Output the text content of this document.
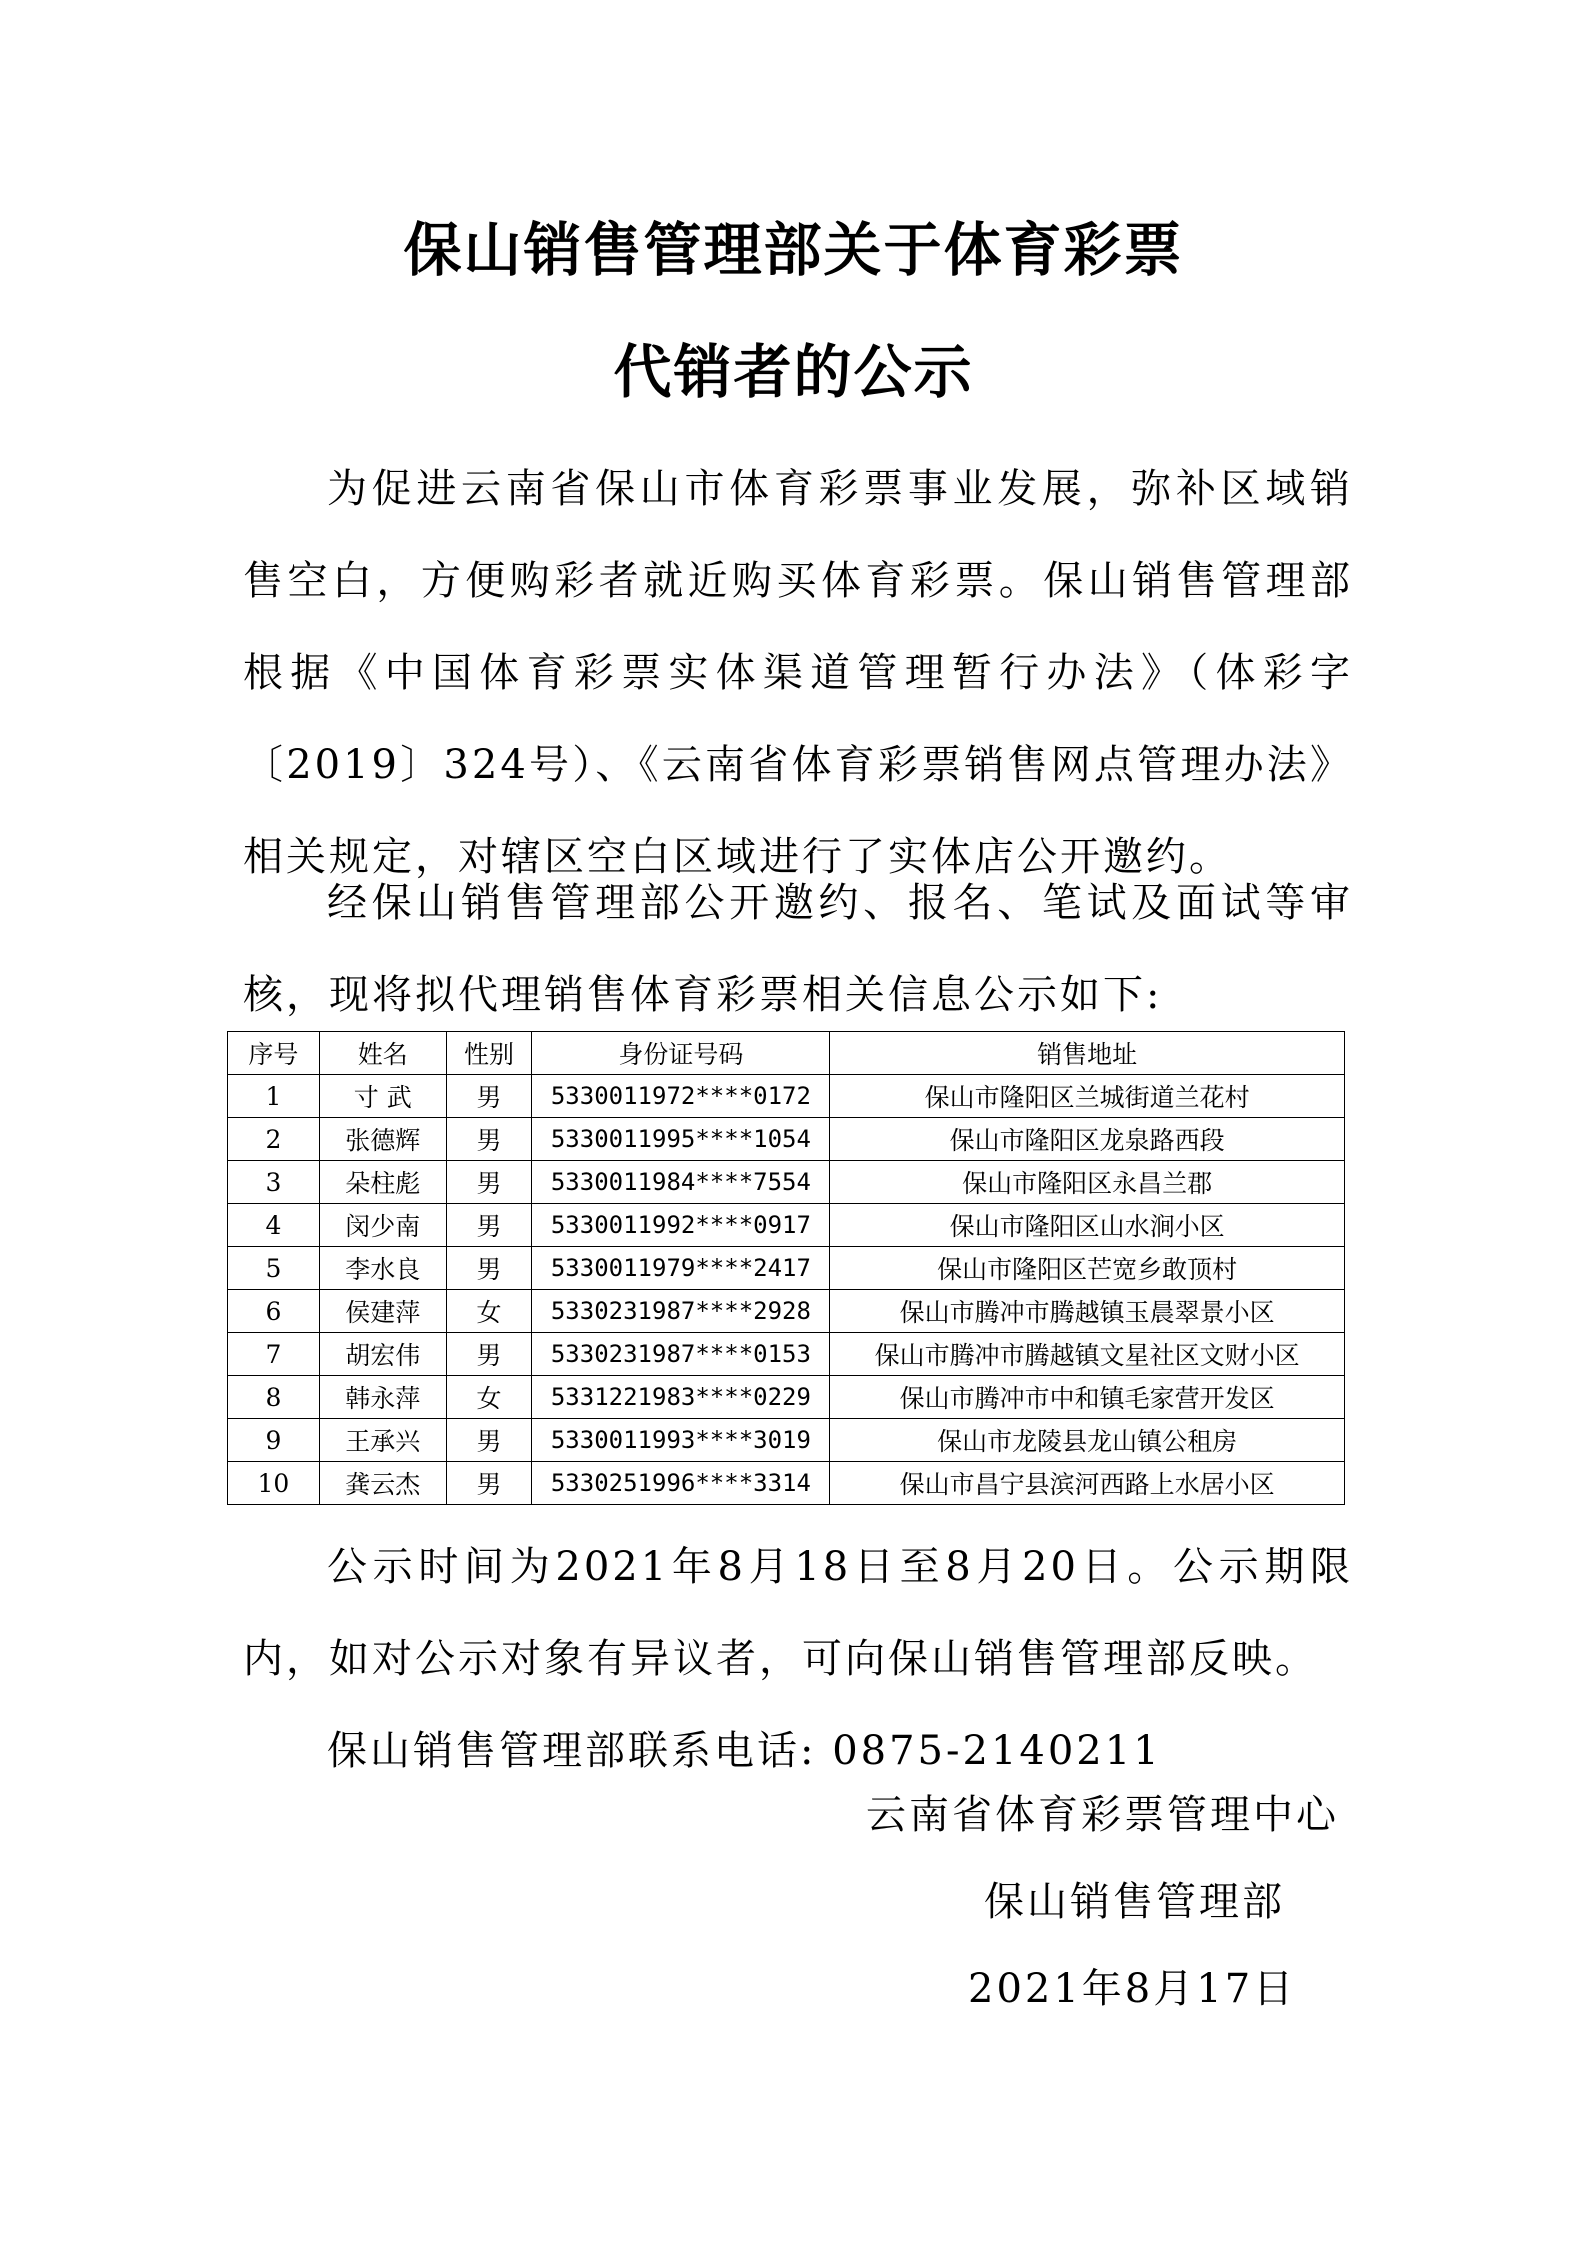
保山销售管理部关于体育彩票
代销者的公示

为促进云南省保山市体育彩票事业发展，弥补区域销售空白，方便购彩者就近购买体育彩票。保山销售管理部根据《中国体育彩票实体渠道管理暂行办法》（体彩字〔2019〕324号）、《云南省体育彩票销售网点管理办法》相关规定，对辖区空白区域进行了实体店公开邀约。

经保山销售管理部公开邀约、报名、笔试及面试等审核，现将拟代理销售体育彩票相关信息公示如下:

序号	姓名	性别	身份证号码	销售地址
1	寸 武	男	5330011972****0172	保山市隆阳区兰城街道兰花村
2	张德辉	男	5330011995****1054	保山市隆阳区龙泉路西段
3	朵柱彪	男	5330011984****7554	保山市隆阳区永昌兰郡
4	闵少南	男	5330011992****0917	保山市隆阳区山水涧小区
5	李水良	男	5330011979****2417	保山市隆阳区芒宽乡敢顶村
6	侯建萍	女	5330231987****2928	保山市腾冲市腾越镇玉晨翠景小区
7	胡宏伟	男	5330231987****0153	保山市腾冲市腾越镇文星社区文财小区
8	韩永萍	女	5331221983****0229	保山市腾冲市中和镇毛家营开发区
9	王承兴	男	5330011993****3019	保山市龙陵县龙山镇公租房
10	龚云杰	男	5330251996****3314	保山市昌宁县滨河西路上水居小区

公示时间为2021年8月18日至8月20日。公示期限内，如对公示对象有异议者，可向保山销售管理部反映。

保山销售管理部联系电话: 0875-2140211

云南省体育彩票管理中心
保山销售管理部
2021年8月17日
